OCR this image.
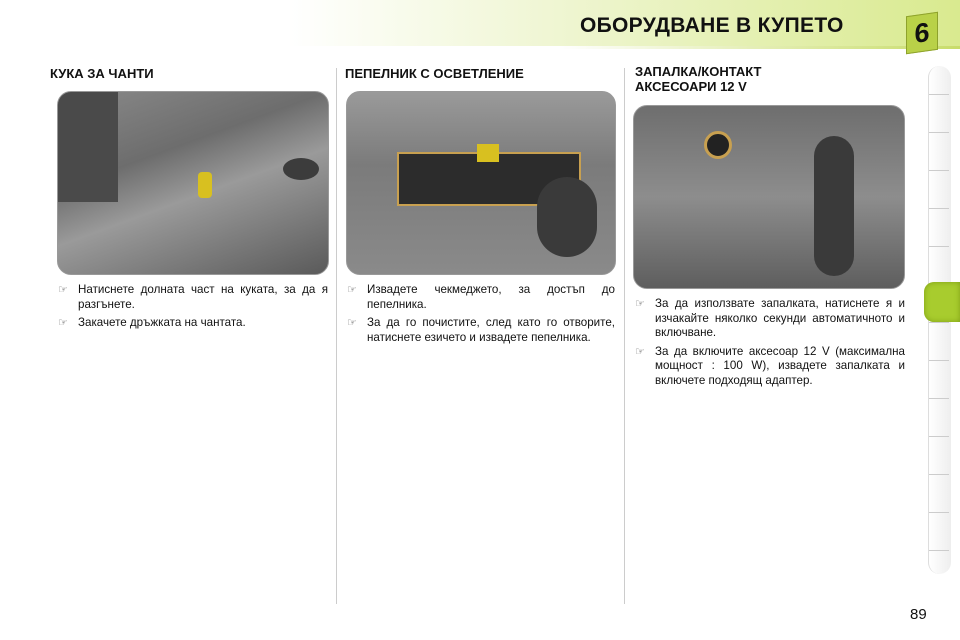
ОБОРУДВАНЕ В КУПЕТО	6
КУКА ЗА ЧАНТИ	ПЕПЕЛНИК С ОСВЕТЛЕНИЕ	ЗАПАЛКА/КОНТАКТ АКСЕСОАРИ 12 V

☞ Натиснете долната част на куката, за да я разгънете.

☞ Закачете дръжката на чантата.

☞ Извадете чекмеджето, за достъп до пепелника.

☞ За да го почистите, след като го отворите, натиснете езичето и извадете пепелника.

☞ За да използвате запалката, натиснете я и изчакайте няколко секунди автоматичното и включване.

☞ За да включите аксесоар 12 V (максимална мощност : 100 W), извадете запалката и включете подходящ адаптер.

89
